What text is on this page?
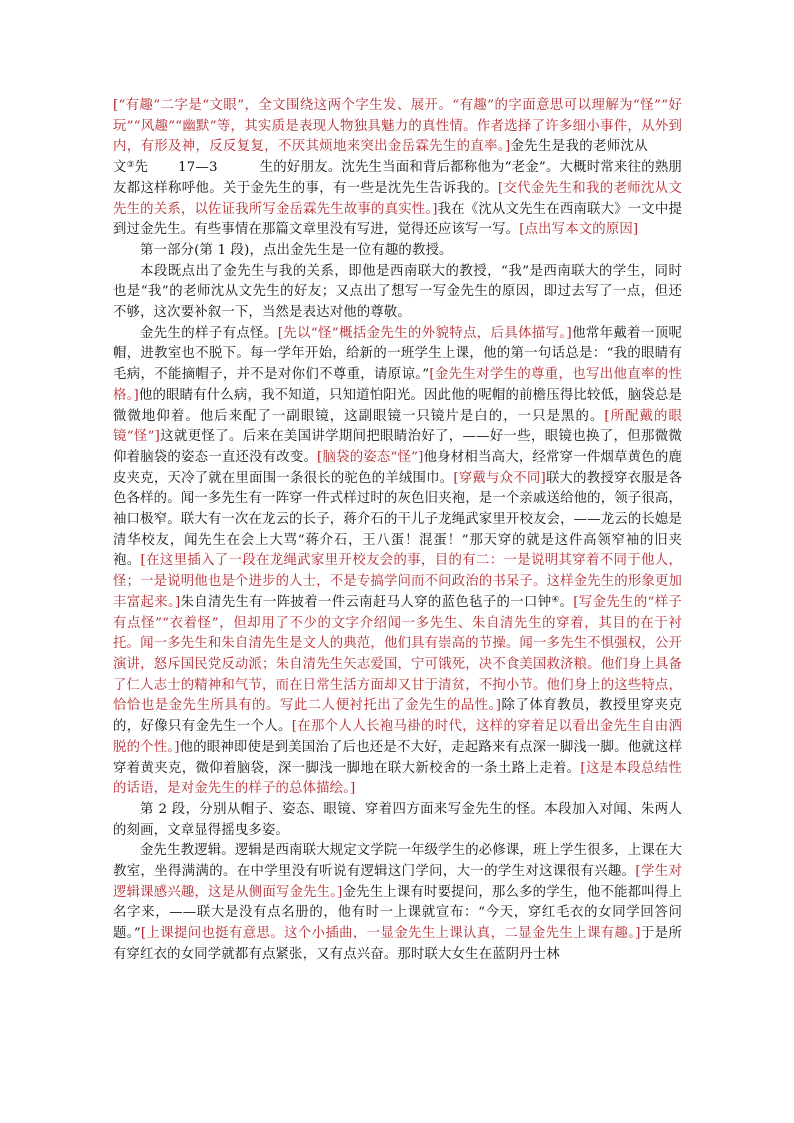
[“有趣”二字是“文眼”，全文围绕这两个字生发、展开。“有趣”的字面意思可以理解为“怪”“好玩”“风趣”“幽默”等，其实质是表现人物独具魅力的真性情。作者选择了许多细小事件，从外到内，有形及神，反反复复，不厌其烦地来突出金岳霖先生的直率。]金先生是我的老师沈从文③先 17—3	生的好朋友。沈先生当面和背后都称他为“老金”。大概时常来往的熟朋友都这样称呼他。关于金先生的事，有一些是沈先生告诉我的。[交代金先生和我的老师沈从文先生的关系，以佐证我所写金岳霖先生故事的真实性。]我在《沈从文先生在西南联大》一文中提到过金先生。有些事情在那篇文章里没有写进，觉得还应该写一写。[点出写本文的原因]

第一部分(第 1 段)，点出金先生是一位有趣的教授。

本段既点出了金先生与我的关系，即他是西南联大的教授，“我”是西南联大的学生，同时也是“我”的老师沈从文先生的好友；又点出了想写一写金先生的原因，即过去写了一点，但还不够，这次要补叙一下，当然是表达对他的尊敬。

金先生的样子有点怪。[先以“怪”概括金先生的外貌特点，后具体描写。]他常年戴着一顶呢帽，进教室也不脱下。每一学年开始，给新的一班学生上课，他的第一句话总是：“我的眼睛有毛病，不能摘帽子，并不是对你们不尊重，请原谅。”[金先生对学生的尊重，也写出他直率的性格。]他的眼睛有什么病，我不知道，只知道怕阳光。因此他的呢帽的前檐压得比较低，脑袋总是微微地仰着。他后来配了一副眼镜，这副眼镜一只镜片是白的，一只是黑的。[所配戴的眼镜“怪”]这就更怪了。后来在美国讲学期间把眼睛治好了，——好一些，眼镜也换了，但那微微仰着脑袋的姿态一直还没有改变。[脑袋的姿态“怪”]他身材相当高大，经常穿一件烟草黄色的鹿皮夹克，天冷了就在里面围一条很长的驼色的羊绒围巾。[穿戴与众不同]联大的教授穿衣服是各色各样的。闻一多先生有一阵穿一件式样过时的灰色旧夹袍，是一个亲戚送给他的，领子很高，袖口极窄。联大有一次在龙云的长子，蒋介石的干儿子龙绳武家里开校友会，——龙云的长媳是清华校友，闻先生在会上大骂“蒋介石，王八蛋！混蛋！”那天穿的就是这件高领窄袖的旧夹袍。[在这里插入了一段在龙绳武家里开校友会的事，目的有二：一是说明其穿着不同于他人，怪；一是说明他也是个进步的人士，不是专搞学问而不问政治的书呆子。这样金先生的形象更加丰富起来。]朱自清先生有一阵披着一件云南赶马人穿的蓝色毡子的一口钟④。[写金先生的“样子有点怪”“衣着怪”，但却用了不少的文字介绍闻一多先生、朱自清先生的穿着，其目的在于衬托。闻一多先生和朱自清先生是文人的典范，他们具有崇高的节操。闻一多先生不惧强权，公开演讲，怒斥国民党反动派；朱自清先生矢志爱国，宁可饿死，决不食美国救济粮。他们身上具备了仁人志士的精神和气节，而在日常生活方面却又甘于清贫，不拘小节。他们身上的这些特点，恰恰也是金先生所具有的。写此二人便衬托出了金先生的品性。]除了体育教员，教授里穿夹克的，好像只有金先生一个人。[在那个人人长袍马褂的时代，这样的穿着足以看出金先生自由洒脱的个性。]他的眼神即使是到美国治了后也还是不大好，走起路来有点深一脚浅一脚。他就这样穿着黄夹克，微仰着脑袋，深一脚浅一脚地在联大新校舍的一条土路上走着。[这是本段总结性的话语，是对金先生的样子的总体描绘。]

第 2 段，分别从帽子、姿态、眼镜、穿着四方面来写金先生的怪。本段加入对闻、朱两人的刻画，文章显得摇曳多姿。

金先生教逻辑。逻辑是西南联大规定文学院一年级学生的必修课，班上学生很多，上课在大教室，坐得满满的。在中学里没有听说有逻辑这门学问，大一的学生对这课很有兴趣。[学生对逻辑课感兴趣，这是从侧面写金先生。]金先生上课有时要提问，那么多的学生，他不能都叫得上名字来，——联大是没有点名册的，他有时一上课就宣布：“今天，穿红毛衣的女同学回答问题。”[上课提问也挺有意思。这个小插曲，一显金先生上课认真，二显金先生上课有趣。]于是所有穿红衣的女同学就都有点紧张，又有点兴奋。那时联大女生在蓝阴丹士林
